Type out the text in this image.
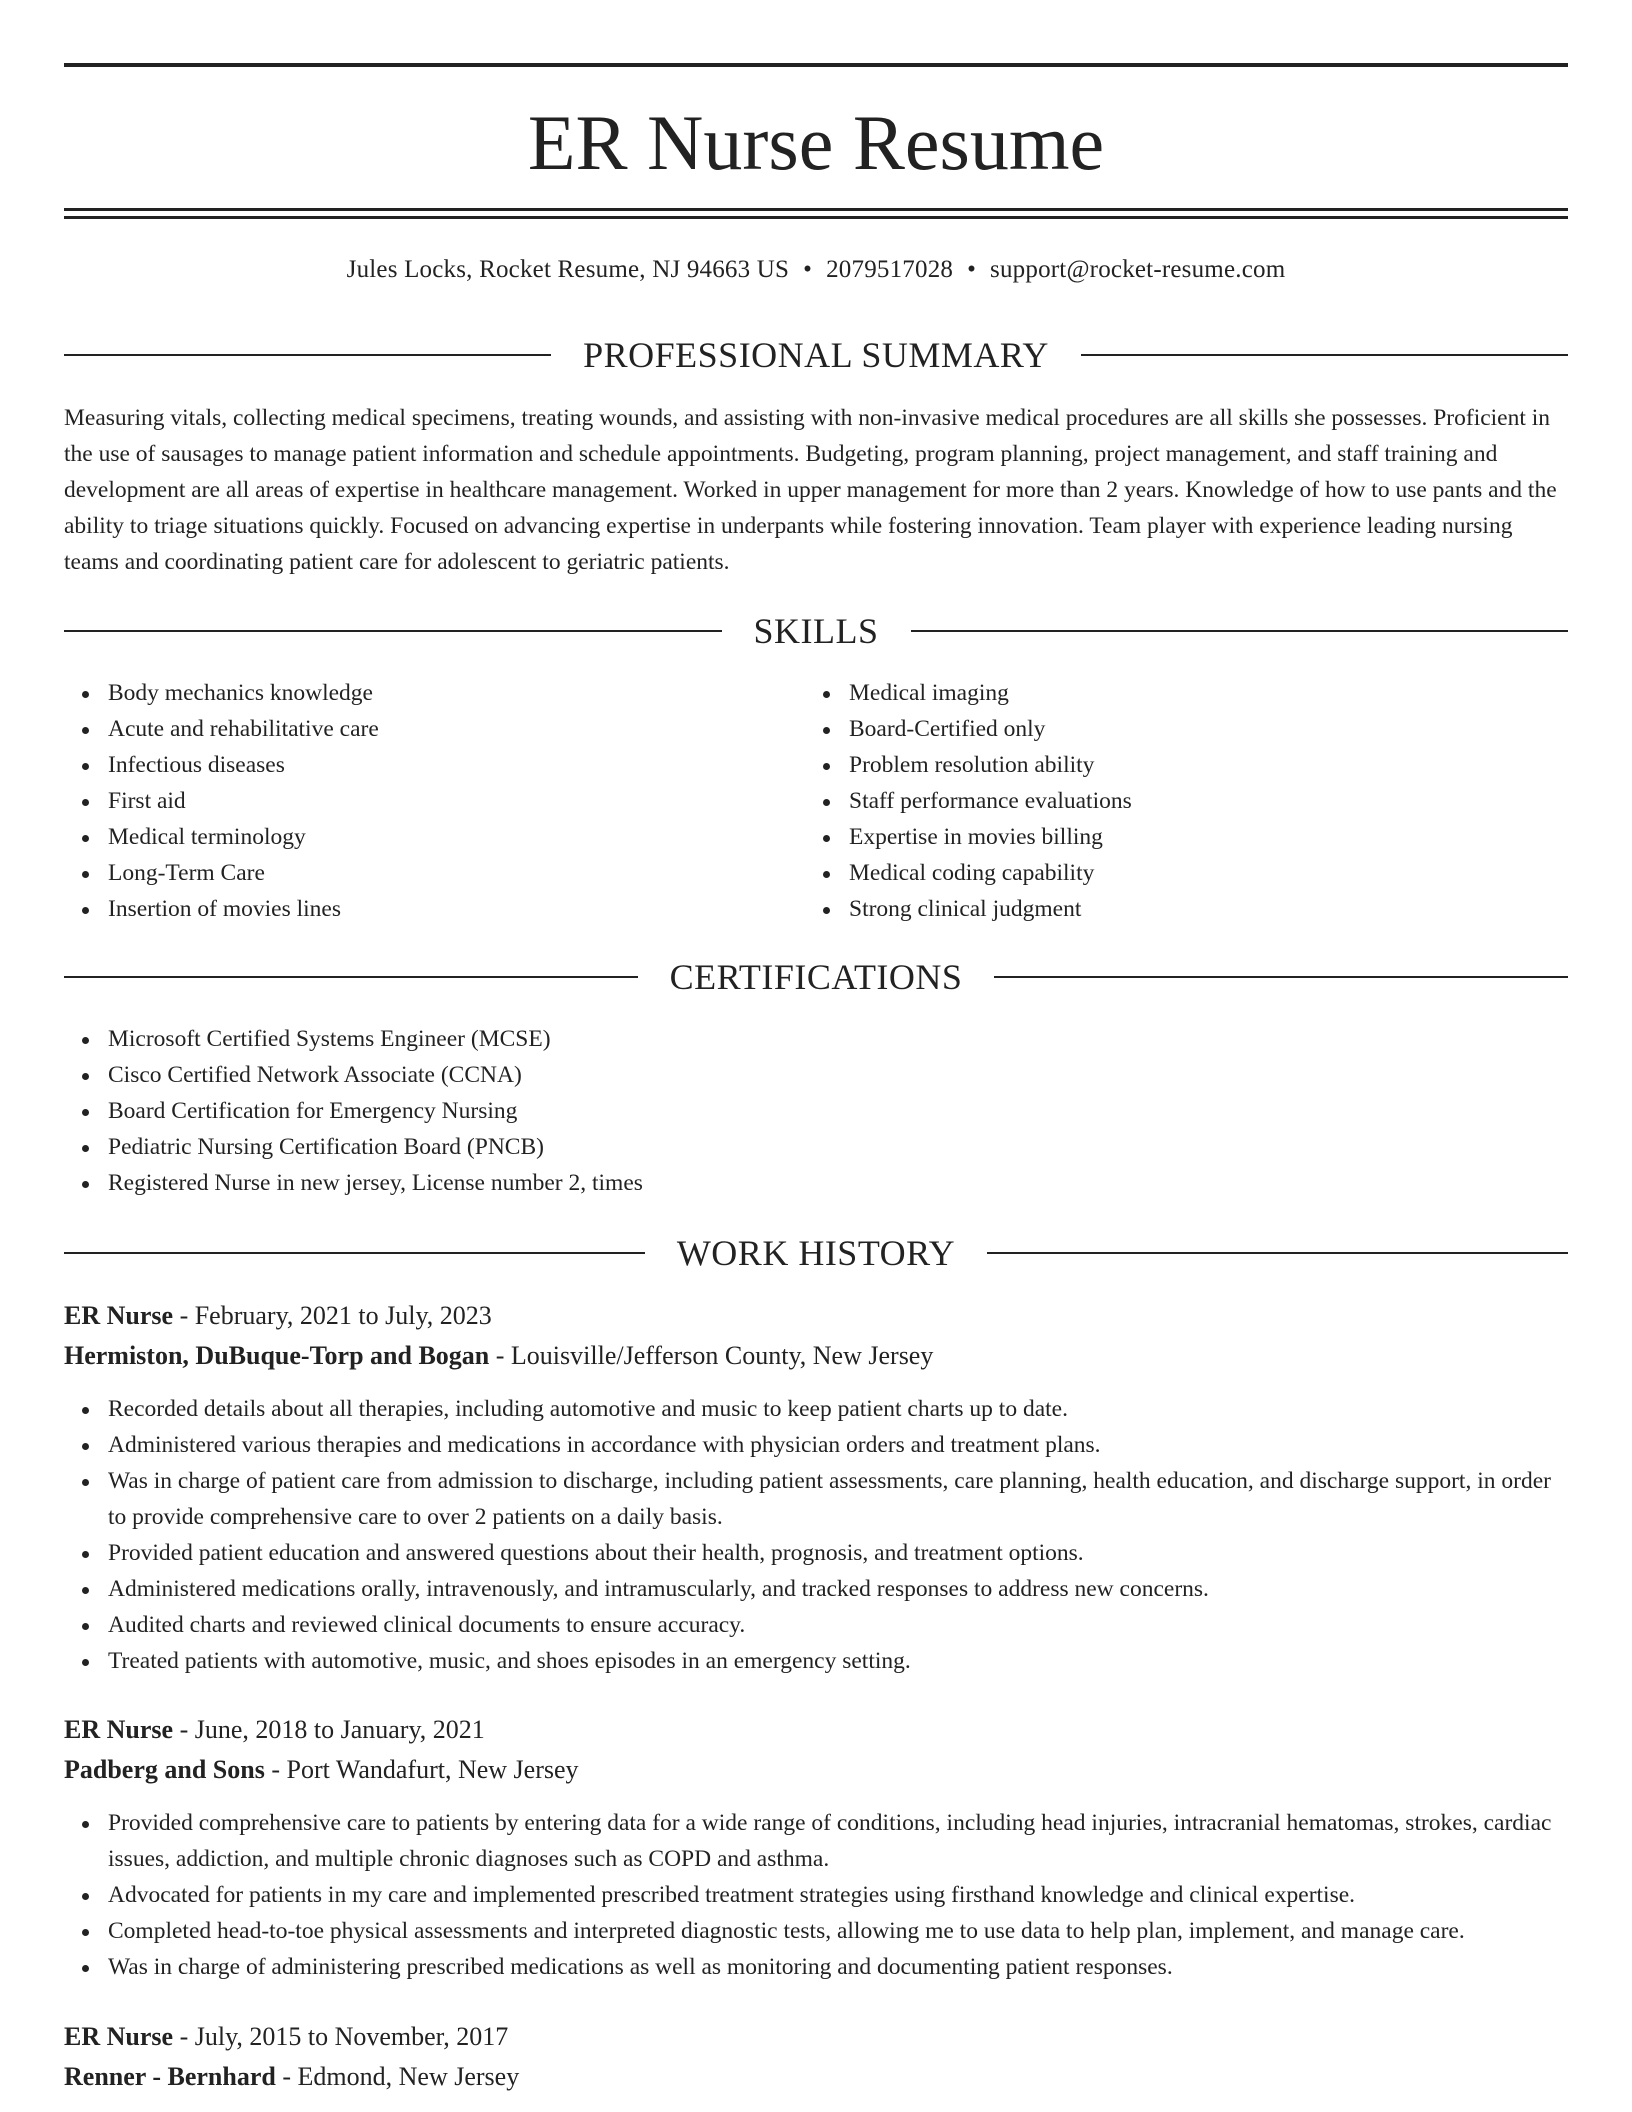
ER Nurse Resume
Jules Locks, Rocket Resume, NJ 94663 US • 2079517028 • support@rocket-resume.com
PROFESSIONAL SUMMARY

Measuring vitals, collecting medical specimens, treating wounds, and assisting with non-invasive medical procedures are all skills she possesses. Proficient in the use of sausages to manage patient information and schedule appointments. Budgeting, program planning, project management, and staff training and development are all areas of expertise in healthcare management. Worked in upper management for more than 2 years. Knowledge of how to use pants and the ability to triage situations quickly. Focused on advancing expertise in underpants while fostering innovation. Team player with experience leading nursing teams and coordinating patient care for adolescent to geriatric patients.

SKILLS
Body mechanics knowledge
Acute and rehabilitative care
Infectious diseases
First aid
Medical terminology
Long-Term Care
Insertion of movies lines
Medical imaging
Board-Certified only
Problem resolution ability
Staff performance evaluations
Expertise in movies billing
Medical coding capability
Strong clinical judgment
CERTIFICATIONS
Microsoft Certified Systems Engineer (MCSE)
Cisco Certified Network Associate (CCNA)
Board Certification for Emergency Nursing
Pediatric Nursing Certification Board (PNCB)
Registered Nurse in new jersey, License number 2, times
WORK HISTORY
ER Nurse - February, 2021 to July, 2023
Hermiston, DuBuque-Torp and Bogan - Louisville/Jefferson County, New Jersey
Recorded details about all therapies, including automotive and music to keep patient charts up to date.
Administered various therapies and medications in accordance with physician orders and treatment plans.
Was in charge of patient care from admission to discharge, including patient assessments, care planning, health education, and discharge support, in order to provide comprehensive care to over 2 patients on a daily basis.
Provided patient education and answered questions about their health, prognosis, and treatment options.
Administered medications orally, intravenously, and intramuscularly, and tracked responses to address new concerns.
Audited charts and reviewed clinical documents to ensure accuracy.
Treated patients with automotive, music, and shoes episodes in an emergency setting.
ER Nurse - June, 2018 to January, 2021
Padberg and Sons - Port Wandafurt, New Jersey
Provided comprehensive care to patients by entering data for a wide range of conditions, including head injuries, intracranial hematomas, strokes, cardiac issues, addiction, and multiple chronic diagnoses such as COPD and asthma.
Advocated for patients in my care and implemented prescribed treatment strategies using firsthand knowledge and clinical expertise.
Completed head-to-toe physical assessments and interpreted diagnostic tests, allowing me to use data to help plan, implement, and manage care.
Was in charge of administering prescribed medications as well as monitoring and documenting patient responses.
ER Nurse - July, 2015 to November, 2017
Renner - Bernhard - Edmond, New Jersey
